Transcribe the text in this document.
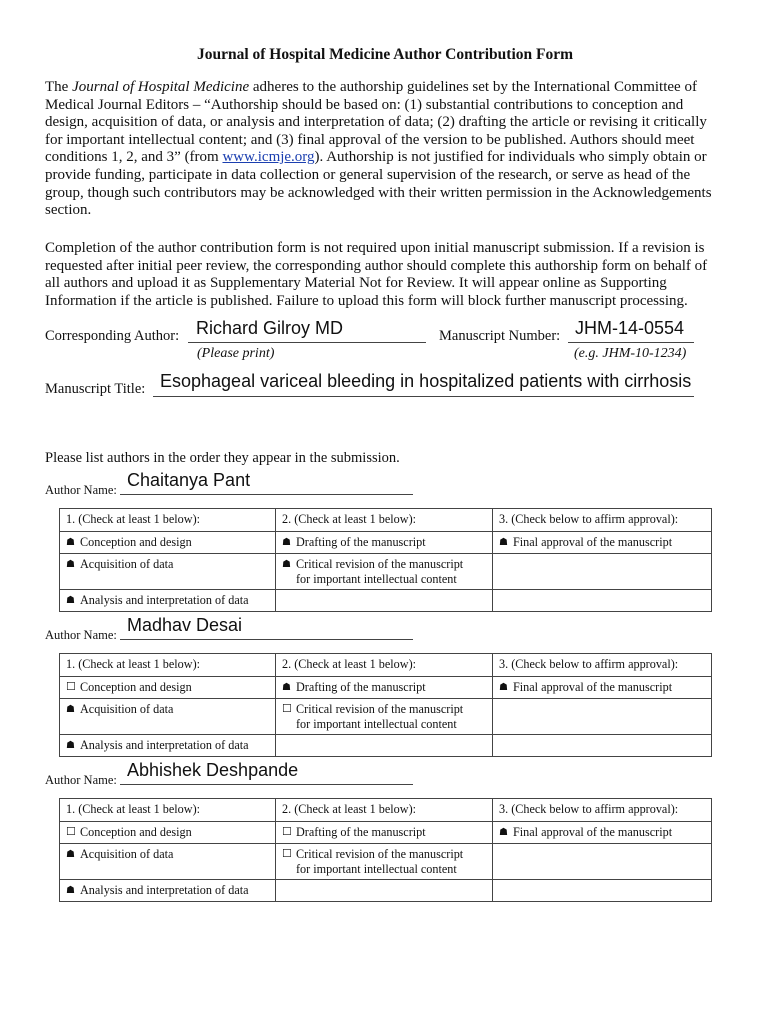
Journal of Hospital Medicine Author Contribution Form
The Journal of Hospital Medicine adheres to the authorship guidelines set by the International Committee of Medical Journal Editors – “Authorship should be based on: (1) substantial contributions to conception and design, acquisition of data, or analysis and interpretation of data; (2) drafting the article or revising it critically for important intellectual content; and (3) final approval of the version to be published. Authors should meet conditions 1, 2, and 3” (from www.icmje.org). Authorship is not justified for individuals who simply obtain or provide funding, participate in data collection or general supervision of the research, or serve as head of the group, though such contributors may be acknowledged with their written permission in the Acknowledgements section.
Completion of the author contribution form is not required upon initial manuscript submission. If a revision is requested after initial peer review, the corresponding author should complete this authorship form on behalf of all authors and upload it as Supplementary Material Not for Review. It will appear online as Supporting Information if the article is published. Failure to upload this form will block further manuscript processing.
Corresponding Author: Richard Gilroy MD
(Please print)
Manuscript Number: JHM-14-0554
(e.g. JHM-10-1234)
Manuscript Title: Esophageal variceal bleeding in hospitalized patients with cirrhosis
Please list authors in the order they appear in the submission.
Author Name: Chaitanya Pant
1. (Check at least 1 below):	2. (Check at least 1 below):	3. (Check below to affirm approval):

☗ Conception and design	☗ Drafting of the manuscript	☗ Final approval of the manuscript

☗ Acquisition of data	☗ Critical revision of the manuscript
for important intellectual content	

☗ Analysis and interpretation of data		

Author Name: Madhav Desai
1. (Check at least 1 below):	2. (Check at least 1 below):	3. (Check below to affirm approval):

☐ Conception and design	☗ Drafting of the manuscript	☗ Final approval of the manuscript

☗ Acquisition of data	☐ Critical revision of the manuscript
for important intellectual content	

☗ Analysis and interpretation of data		

Author Name: Abhishek Deshpande
1. (Check at least 1 below):	2. (Check at least 1 below):	3. (Check below to affirm approval):

☐ Conception and design	☐ Drafting of the manuscript	☗ Final approval of the manuscript

☗ Acquisition of data	☐ Critical revision of the manuscript
for important intellectual content	

☗ Analysis and interpretation of data		
